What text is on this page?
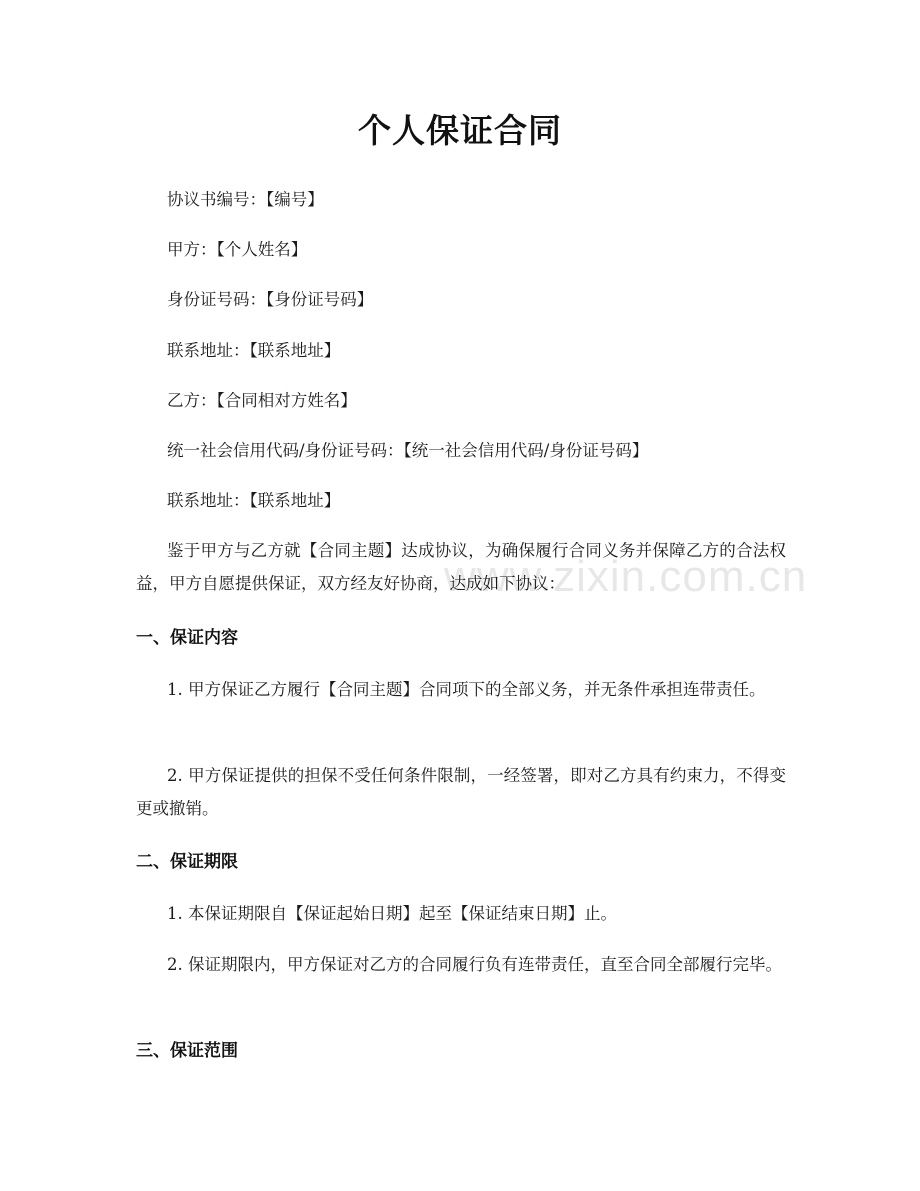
个人保证合同
协议书编号：【编号】
甲方：【个人姓名】
身份证号码：【身份证号码】
联系地址：【联系地址】
乙方：【合同相对方姓名】
统一社会信用代码/身份证号码：【统一社会信用代码/身份证号码】
联系地址：【联系地址】
鉴于甲方与乙方就【合同主题】达成协议，为确保履行合同义务并保障乙方的合法权益，甲方自愿提供保证，双方经友好协商，达成如下协议：
一、保证内容
1. 甲方保证乙方履行【合同主题】合同项下的全部义务，并无条件承担连带责任。
2. 甲方保证提供的担保不受任何条件限制，一经签署，即对乙方具有约束力，不得变更或撤销。
二、保证期限
1. 本保证期限自【保证起始日期】起至【保证结束日期】止。
2. 保证期限内，甲方保证对乙方的合同履行负有连带责任，直至合同全部履行完毕。
三、保证范围
www.zixin.com.cn
